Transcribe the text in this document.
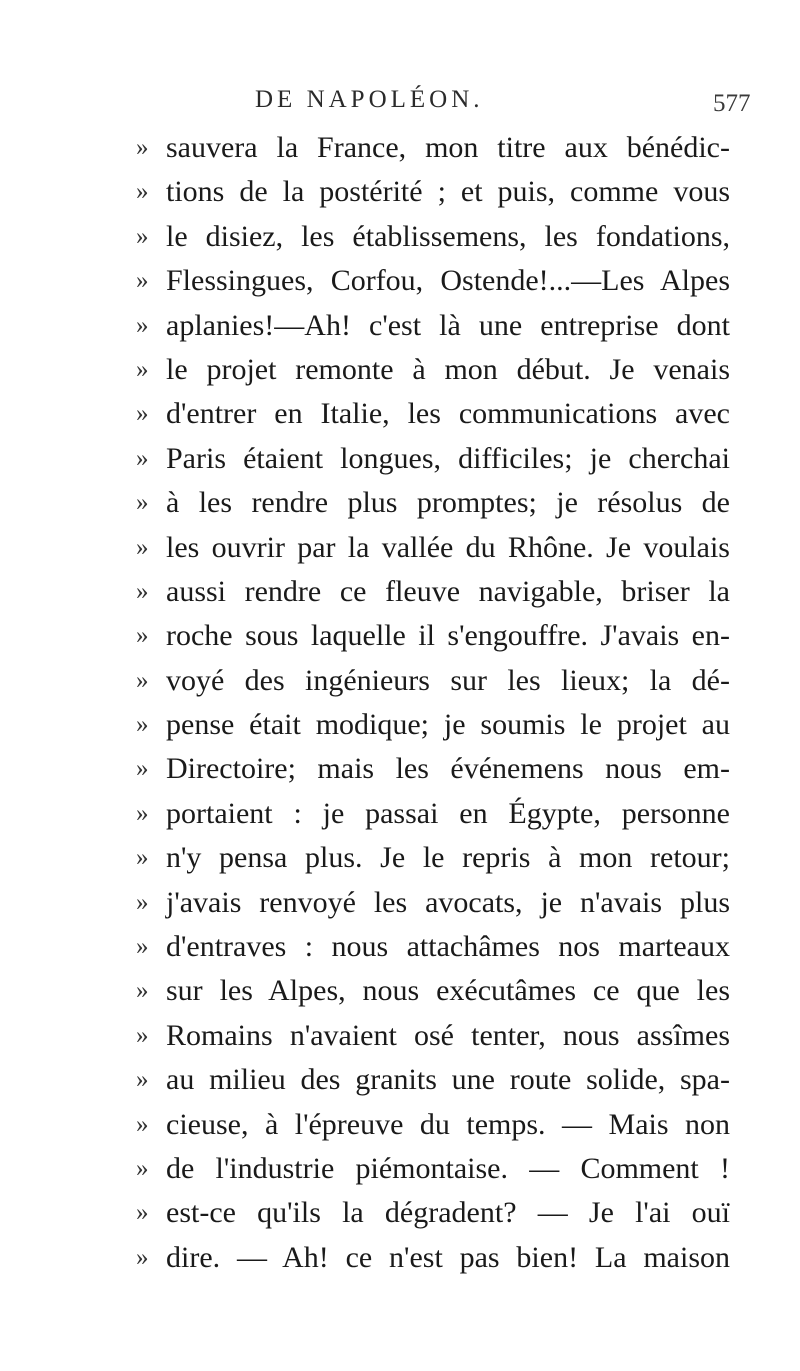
DE NAPOLÉON.	577
» sauvera la France, mon titre aux bénédic-
» tions de la postérité ; et puis, comme vous
» le disiez, les établissemens, les fondations,
» Flessingues, Corfou, Ostende!...—Les Alpes
» aplanies!—Ah! c'est là une entreprise dont
» le projet remonte à mon début. Je venais
» d'entrer en Italie, les communications avec
» Paris étaient longues, difficiles; je cherchai
» à les rendre plus promptes; je résolus de
» les ouvrir par la vallée du Rhône. Je voulais
» aussi rendre ce fleuve navigable, briser la
» roche sous laquelle il s'engouffre. J'avais en-
» voyé des ingénieurs sur les lieux; la dé-
» pense était modique; je soumis le projet au
» Directoire; mais les événemens nous em-
» portaient : je passai en Égypte, personne
» n'y pensa plus. Je le repris à mon retour;
» j'avais renvoyé les avocats, je n'avais plus
» d'entraves : nous attachâmes nos marteaux
» sur les Alpes, nous exécutâmes ce que les
» Romains n'avaient osé tenter, nous assîmes
» au milieu des granits une route solide, spa-
» cieuse, à l'épreuve du temps. — Mais non
» de l'industrie piémontaise. — Comment !
» est-ce qu'ils la dégradent? — Je l'ai ouï
» dire. — Ah! ce n'est pas bien! La maison
